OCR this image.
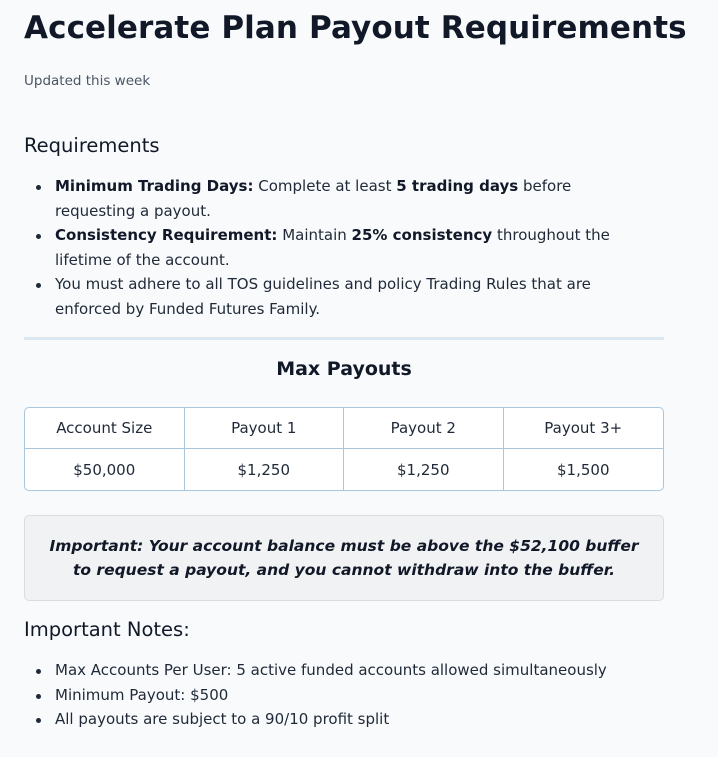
Accelerate Plan Payout Requirements
Updated this week
Requirements
Minimum Trading Days: Complete at least 5 trading days before requesting a payout.
Consistency Requirement: Maintain 25% consistency throughout the lifetime of the account.
You must adhere to all TOS guidelines and policy Trading Rules that are enforced by Funded Futures Family.
Max Payouts
Account Size	Payout 1	Payout 2	Payout 3+
$50,000	$1,250	$1,250	$1,500

Important: Your account balance must be above the $52,100 buffer to request a payout, and you cannot withdraw into the buffer.

Important Notes:
Max Accounts Per User: 5 active funded accounts allowed simultaneously
Minimum Payout: $500
All payouts are subject to a 90/10 profit split
